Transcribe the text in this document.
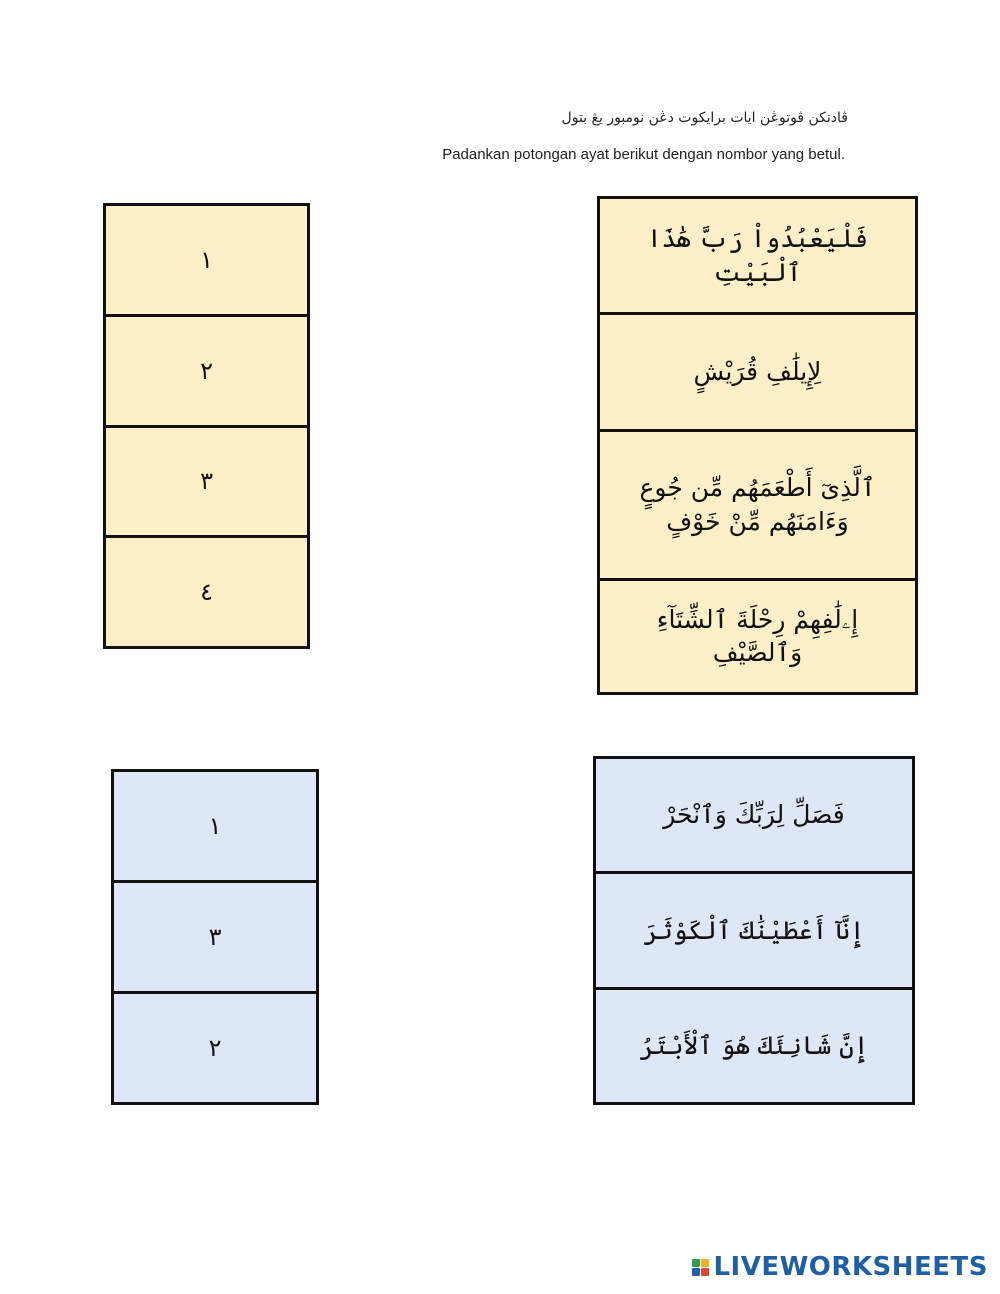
ڤادنكن ڤوتوڠن ايات برايكوت دڠن نومبور يڠ بتول
Padankan potongan ayat berikut dengan nombor yang betul.
١
٢
٣
٤
فَلْيَعْبُدُواْ رَبَّ هَٰذَا ٱلْبَيْتِ
لِإِيلَٰفِ قُرَيْشٍ
ٱلَّذِىٓ أَطْعَمَهُم مِّن جُوعٍ وَءَامَنَهُم مِّنْ خَوْفٍ
إِۦلَٰفِهِمْ رِحْلَةَ ٱلشِّتَآءِ وَٱلصَّيْفِ
١
٣
٢
فَصَلِّ لِرَبِّكَ وَٱنْحَرْ
إِنَّآ أَعْطَيْنَٰكَ ٱلْكَوْثَرَ
إِنَّ شَانِئَكَ هُوَ ٱلْأَبْتَرُ
LIVEWORKSHEETS
